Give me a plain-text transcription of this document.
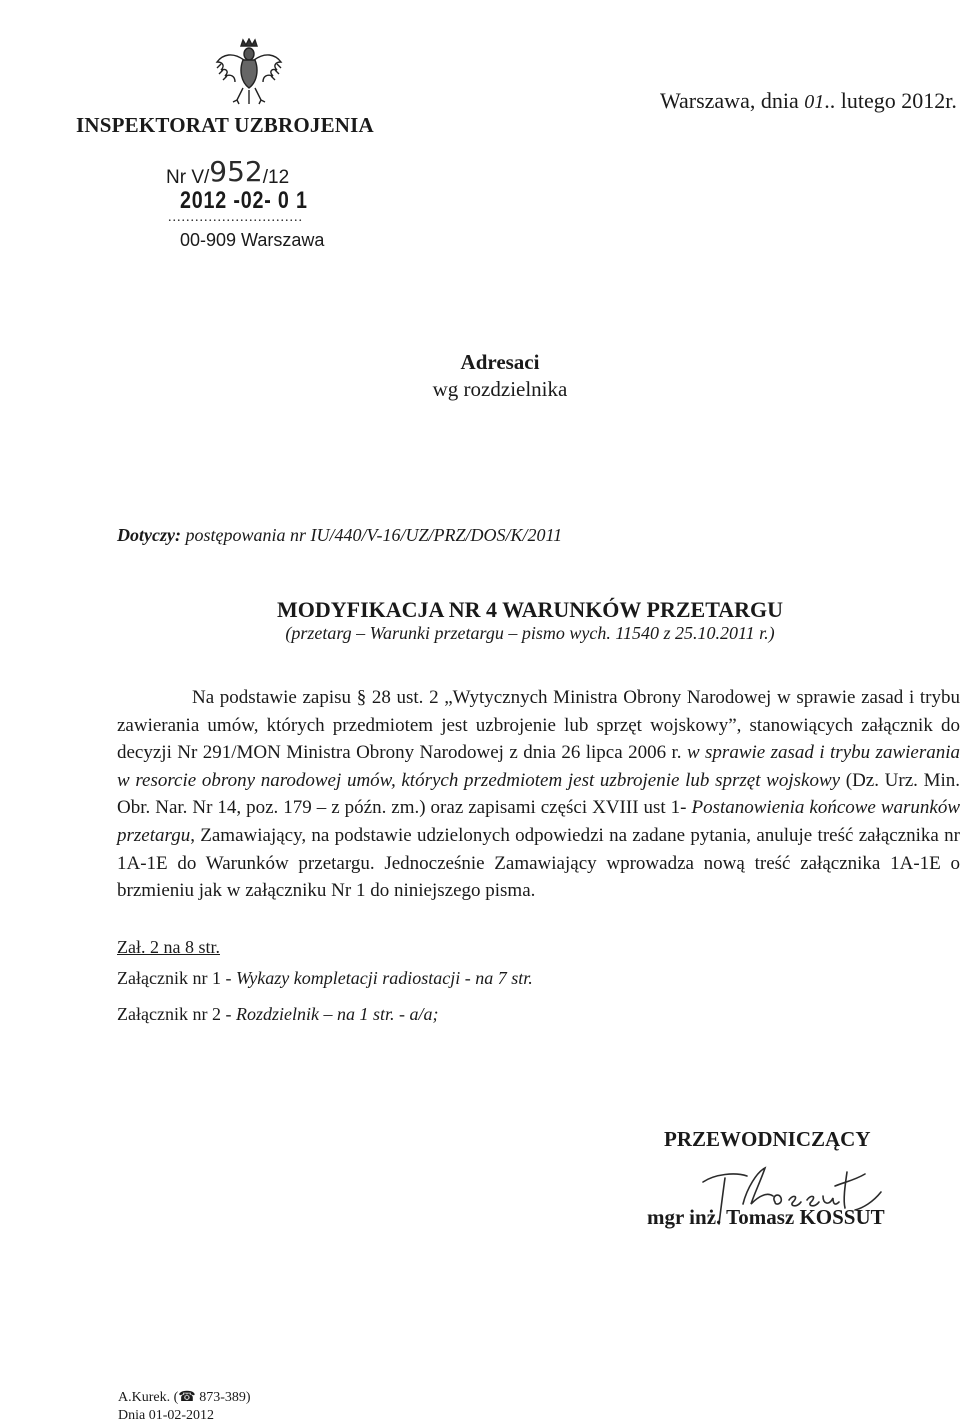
INSPEKTORAT UZBROJENIA
Nr V/952/12
2012 -02- 0 1
..............................
00-909 Warszawa
Warszawa, dnia 01.. lutego 2012r.
Adresaci
wg rozdzielnika
Dotyczy: postępowania nr IU/440/V-16/UZ/PRZ/DOS/K/2011
MODYFIKACJA NR 4 WARUNKÓW PRZETARGU
(przetarg – Warunki przetargu – pismo wych. 11540 z 25.10.2011 r.)
Na podstawie zapisu § 28 ust. 2 „Wytycznych Ministra Obrony Narodowej w sprawie zasad i trybu zawierania umów, których przedmiotem jest uzbrojenie lub sprzęt wojskowy”, stanowiących załącznik do decyzji Nr 291/MON Ministra Obrony Narodowej z dnia 26 lipca 2006 r. w sprawie zasad i trybu zawierania w resorcie obrony narodowej umów, których przedmiotem jest uzbrojenie lub sprzęt wojskowy (Dz. Urz. Min. Obr. Nar. Nr 14, poz. 179 – z późn. zm.) oraz zapisami części XVIII ust 1- Postanowienia końcowe warunków przetargu, Zamawiający, na podstawie udzielonych odpowiedzi na zadane pytania, anuluje treść załącznika nr 1A-1E do Warunków przetargu. Jednocześnie Zamawiający wprowadza nową treść załącznika 1A-1E o brzmieniu jak w załączniku Nr 1 do niniejszego pisma.
Zał. 2 na 8 str.
Załącznik nr 1 - Wykazy kompletacji radiostacji - na 7 str.
Załącznik nr 2 - Rozdzielnik – na 1 str. - a/a;
PRZEWODNICZĄCY
mgr inż. Tomasz KOSSUT
A.Kurek. (☎ 873-389)
Dnia 01-02-2012
